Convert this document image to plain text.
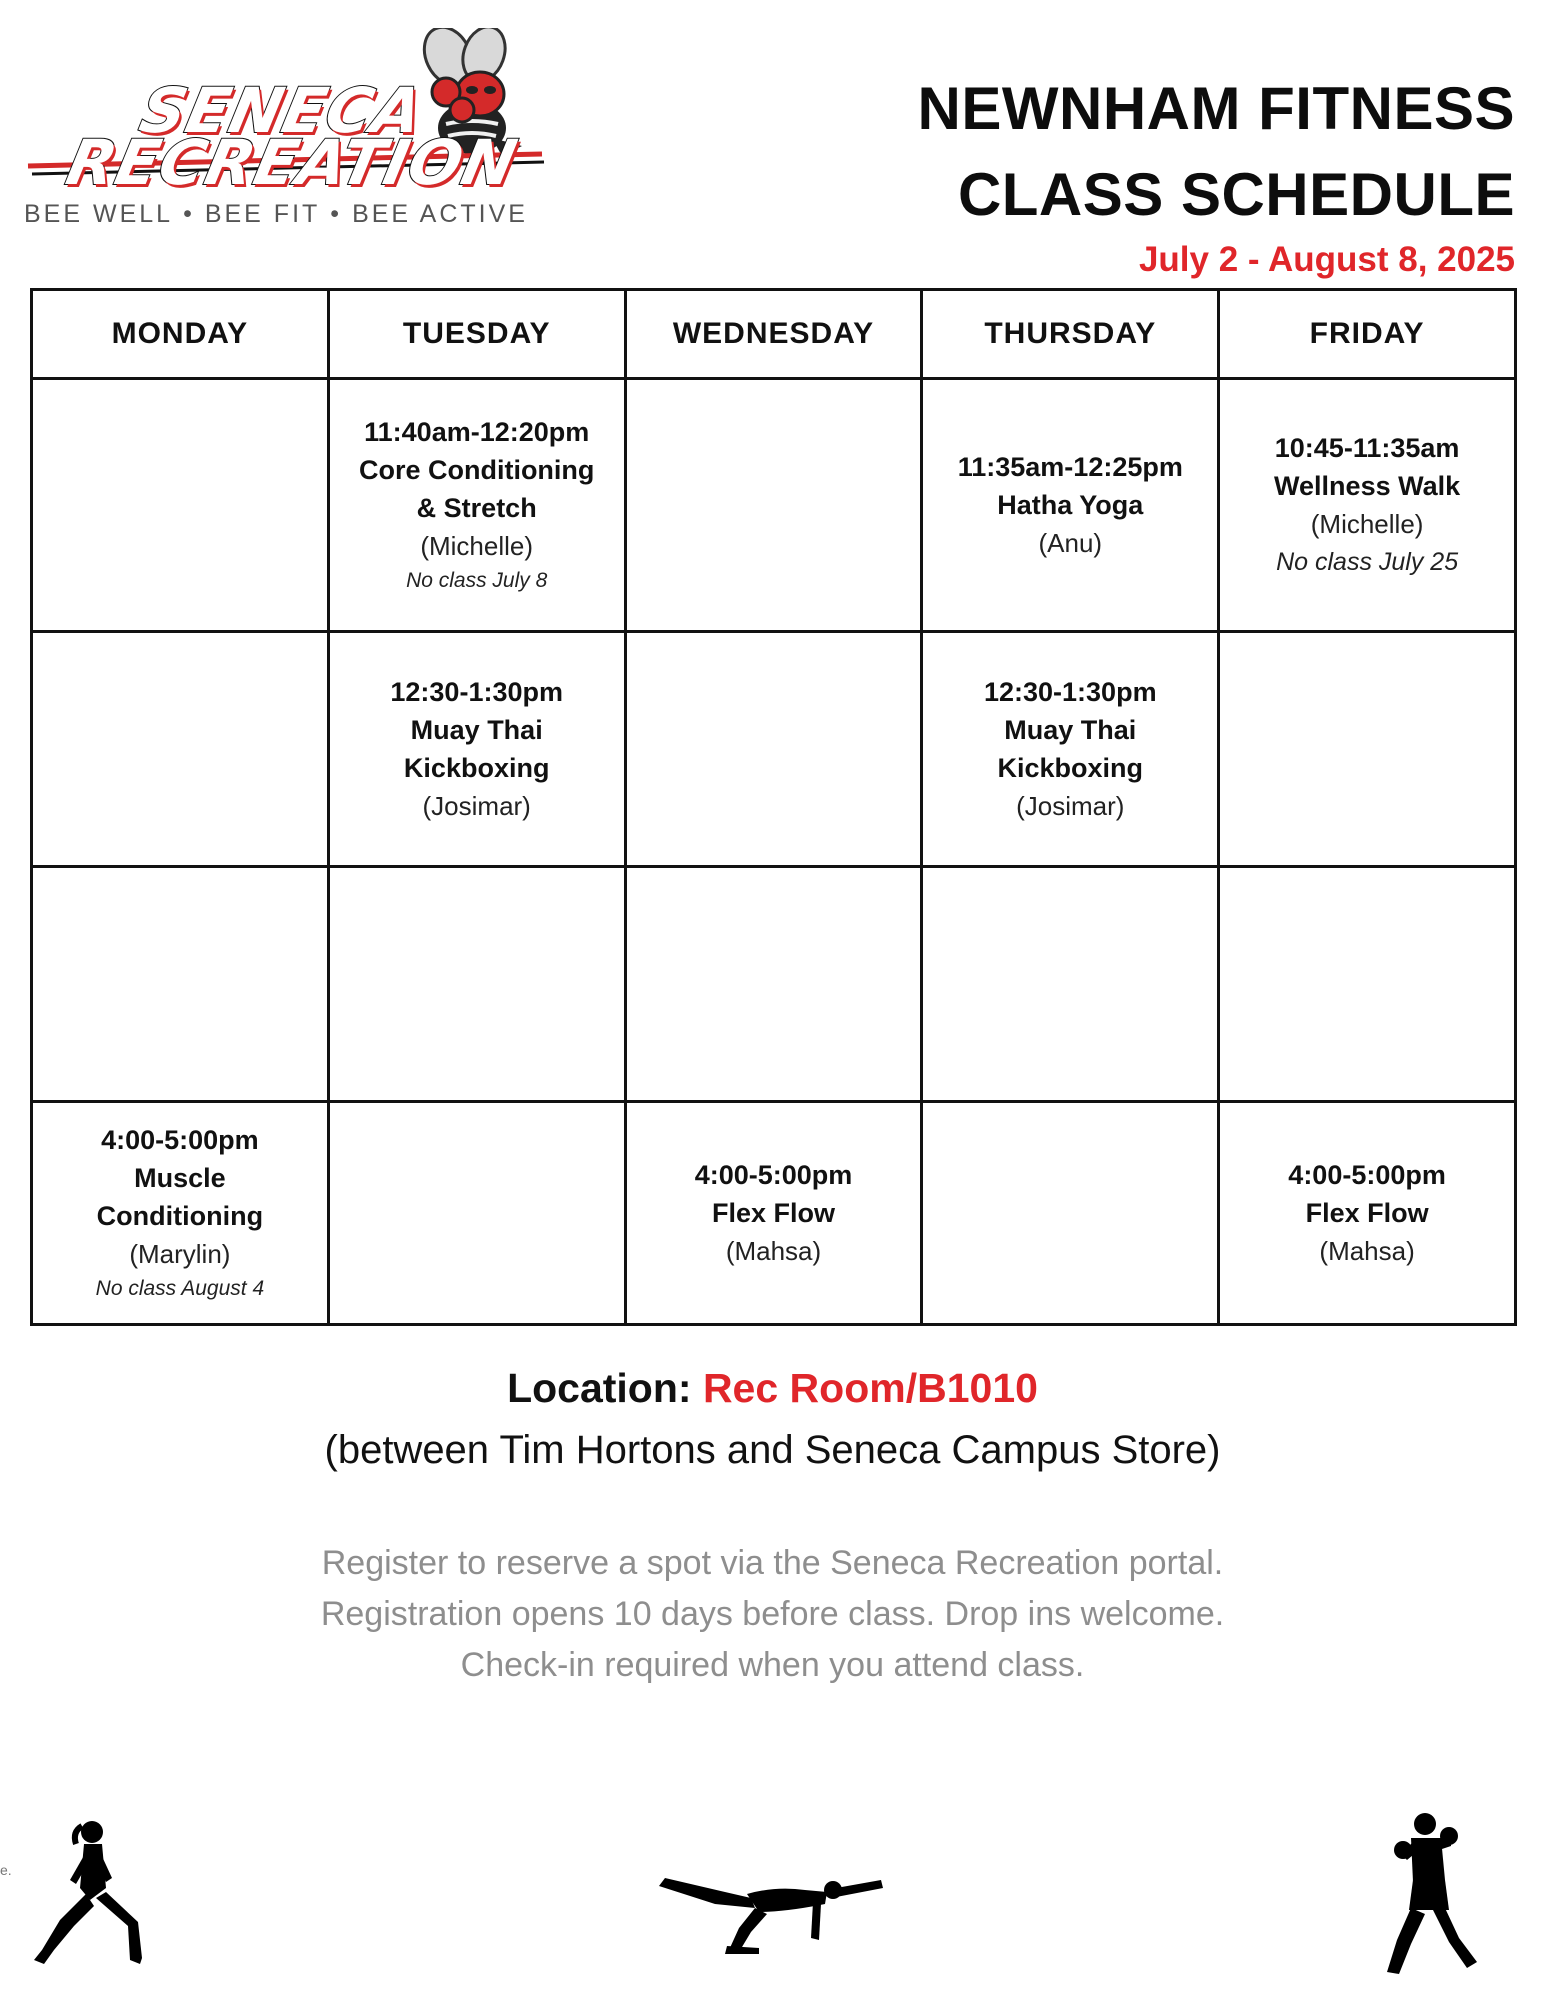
SENECA
RECREATION
BEE WELL • BEE FIT • BEE ACTIVE
NEWNHAM FITNESS
CLASS SCHEDULE
July 2 - August 8, 2025
MONDAY	TUESDAY	WEDNESDAY	THURSDAY	FRIDAY

	11:40am-12:20pm
Core Conditioning
& Stretch
(Michelle)
No class July 8		11:35am-12:25pm
Hatha Yoga
(Anu)	10:45-11:35am
Wellness Walk
(Michelle)
No class July 25

	12:30-1:30pm
Muay Thai
Kickboxing
(Josimar)		12:30-1:30pm
Muay Thai
Kickboxing
(Josimar)	

4:00-5:00pm
Muscle
Conditioning
(Marylin)
No class August 4		4:00-5:00pm
Flex Flow
(Mahsa)		4:00-5:00pm
Flex Flow
(Mahsa)
Location: Rec Room/B1010
(between Tim Hortons and Seneca Campus Store)
Register to reserve a spot via the Seneca Recreation portal.
Registration opens 10 days before class. Drop ins welcome.
Check-in required when you attend class.
e.
